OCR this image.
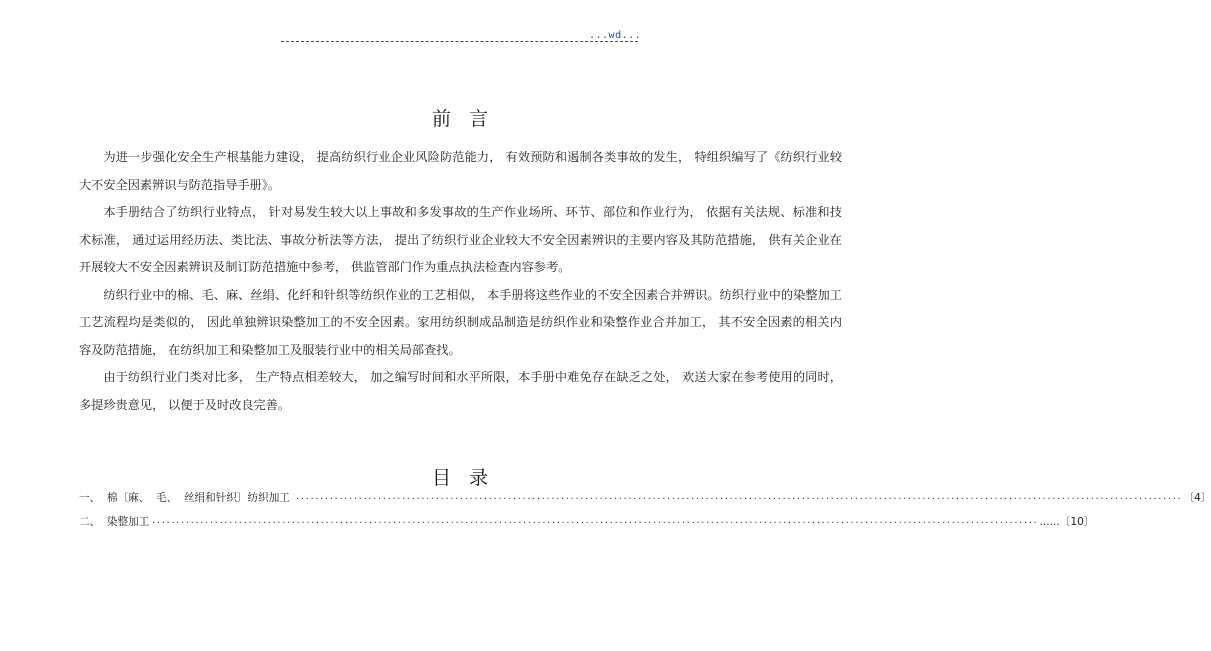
...wd...
前言

为进一步强化安全生产根基能力建设， 提高纺织行业企业风险防范能力， 有效预防和遏制各类事故的发生， 特组织编写了《纺织行业较大不安全因素辨识与防范指导手册》。

本手册结合了纺织行业特点， 针对易发生较大以上事故和多发事故的生产作业场所、环节、部位和作业行为， 依据有关法规、标准和技术标准， 通过运用经历法、类比法、事故分析法等方法， 提出了纺织行业企业较大不安全因素辨识的主要内容及其防范措施， 供有关企业在开展较大不安全因素辨识及制订防范措施中参考， 供监管部门作为重点执法检查内容参考。

纺织行业中的棉、毛、麻、丝绢、化纤和针织等纺织作业的工艺相似， 本手册将这些作业的不安全因素合并辨识。纺织行业中的染整加工工艺流程均是类似的， 因此单独辨识染整加工的不安全因素。家用纺织制成品制造是纺织作业和染整作业合并加工， 其不安全因素的相关内容及防范措施， 在纺织加工和染整加工及服装行业中的相关局部查找。

由于纺织行业门类对比多， 生产特点相差较大， 加之编写时间和水平所限，本手册中难免存在缺乏之处， 欢送大家在参考使用的同时， 多提珍贵意见， 以便于及时改良完善。

目录
一、 棉〔麻、  毛、  丝绢和针织〕纺织加工 ························································································································································································ 〔4〕
二、 染整加工 ························································································································································································ ......〔10〕
